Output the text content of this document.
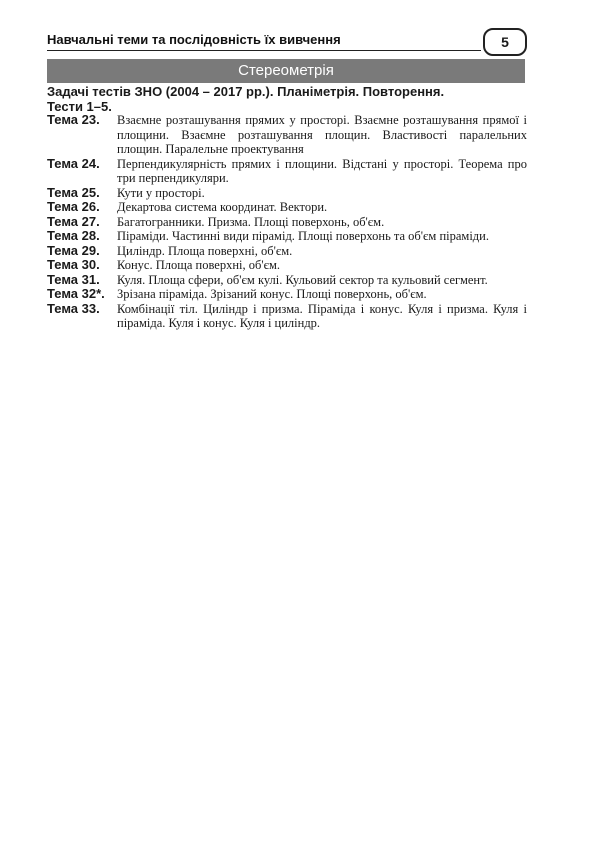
Навчальні теми та послідовність їх вивчення	5
Стереометрія
Задачі тестів ЗНО (2004 – 2017 рр.). Планіметрія. Повторення.
Тести 1–5.
Тема 23. Взаємне розташування прямих у просторі. Взаємне розташування прямої і площини. Взаємне розташування площин. Властивості паралельних площин. Паралельне проектування
Тема 24. Перпендикулярність прямих і площини. Відстані у просторі. Теорема про три перпендикуляри.
Тема 25. Кути у просторі.
Тема 26. Декартова система координат. Вектори.
Тема 27. Багатогранники. Призма. Площі поверхонь, об'єм.
Тема 28. Піраміди. Частинні види пірамід. Площі поверхонь та об'єм піраміди.
Тема 29. Циліндр. Площа поверхні, об'єм.
Тема 30. Конус. Площа поверхні, об'єм.
Тема 31. Куля. Площа сфери, об'єм кулі. Кульовий сектор та кульовий сегмент.
Тема 32*. Зрізана піраміда. Зрізаний конус. Площі поверхонь, об'єм.
Тема 33. Комбінації тіл. Циліндр і призма. Піраміда і конус. Куля і призма. Куля і піраміда. Куля і конус. Куля і циліндр.
